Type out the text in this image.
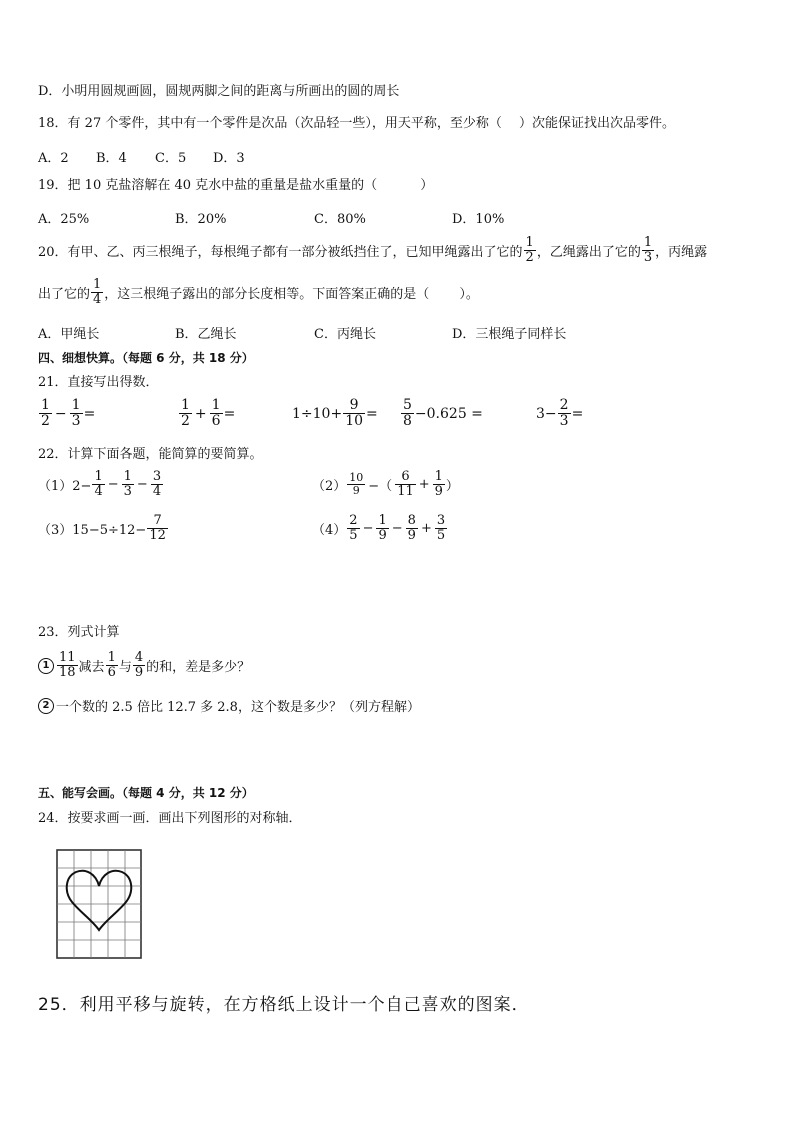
D．小明用圆规画圆，圆规两脚之间的距离与所画出的圆的周长
18．有 27 个零件，其中有一个零件是次品（次品轻一些），用天平称，至少称（　 ）次能保证找出次品零件。
A．2 B．4 C．5 D．3
19．把 10 克盐溶解在 40 克水中盐的重量是盐水重量的（　　　 ）
A．25%	B．20%	C．80%	D．10%
20．有甲、乙、丙三根绳子，每根绳子都有一部分被纸挡住了，已知甲绳露出了它的 $\frac{1}{2}$ ，乙绳露出了它的 $\frac{1}{3}$ ，丙绳露
出了它的 $\frac{1}{4}$ ，这三根绳子露出的部分长度相等。下面答案正确的是（　　 ）。
A．甲绳长	B．乙绳长	C．丙绳长	D．三根绳子同样长
四、细想快算。（每题 6 分，共 18 分）
21．直接写出得数．
$\frac{1}{2} - \frac{1}{3}$ =	$\frac{1}{2} + \frac{1}{6}$ =	$1\div 10+ \frac{9}{10} = \frac{5}{8} -0.625$ =	$3- \frac{2}{3}$ =
22．计算下面各题，能简算的要简算。
$(1)2- \frac{1}{4} - \frac{1}{3} - \frac{3}{4}$	$(2) \frac{10}{9}$ −（ $\frac{6}{11} + \frac{1}{9}$ ）
$(3)15-5\div 12- \frac{7}{12}$	$(4) \frac{2}{5} - \frac{1}{9} - \frac{8}{9} + \frac{3}{5}$
23．列式计算
$1 \frac{11}{18}$ 减去 $\frac{1}{6}$ 与 $\frac{4}{9}$ 的和，差是多少？
2 一个数的 2.5 倍比 12.7 多 2.8，这个数是多少？（列方程解）
五、能写会画。（每题 4 分，共 12 分）
24．按要求画一画．画出下列图形的对称轴．
25．利用平移与旋转，在方格纸上设计一个自己喜欢的图案．
